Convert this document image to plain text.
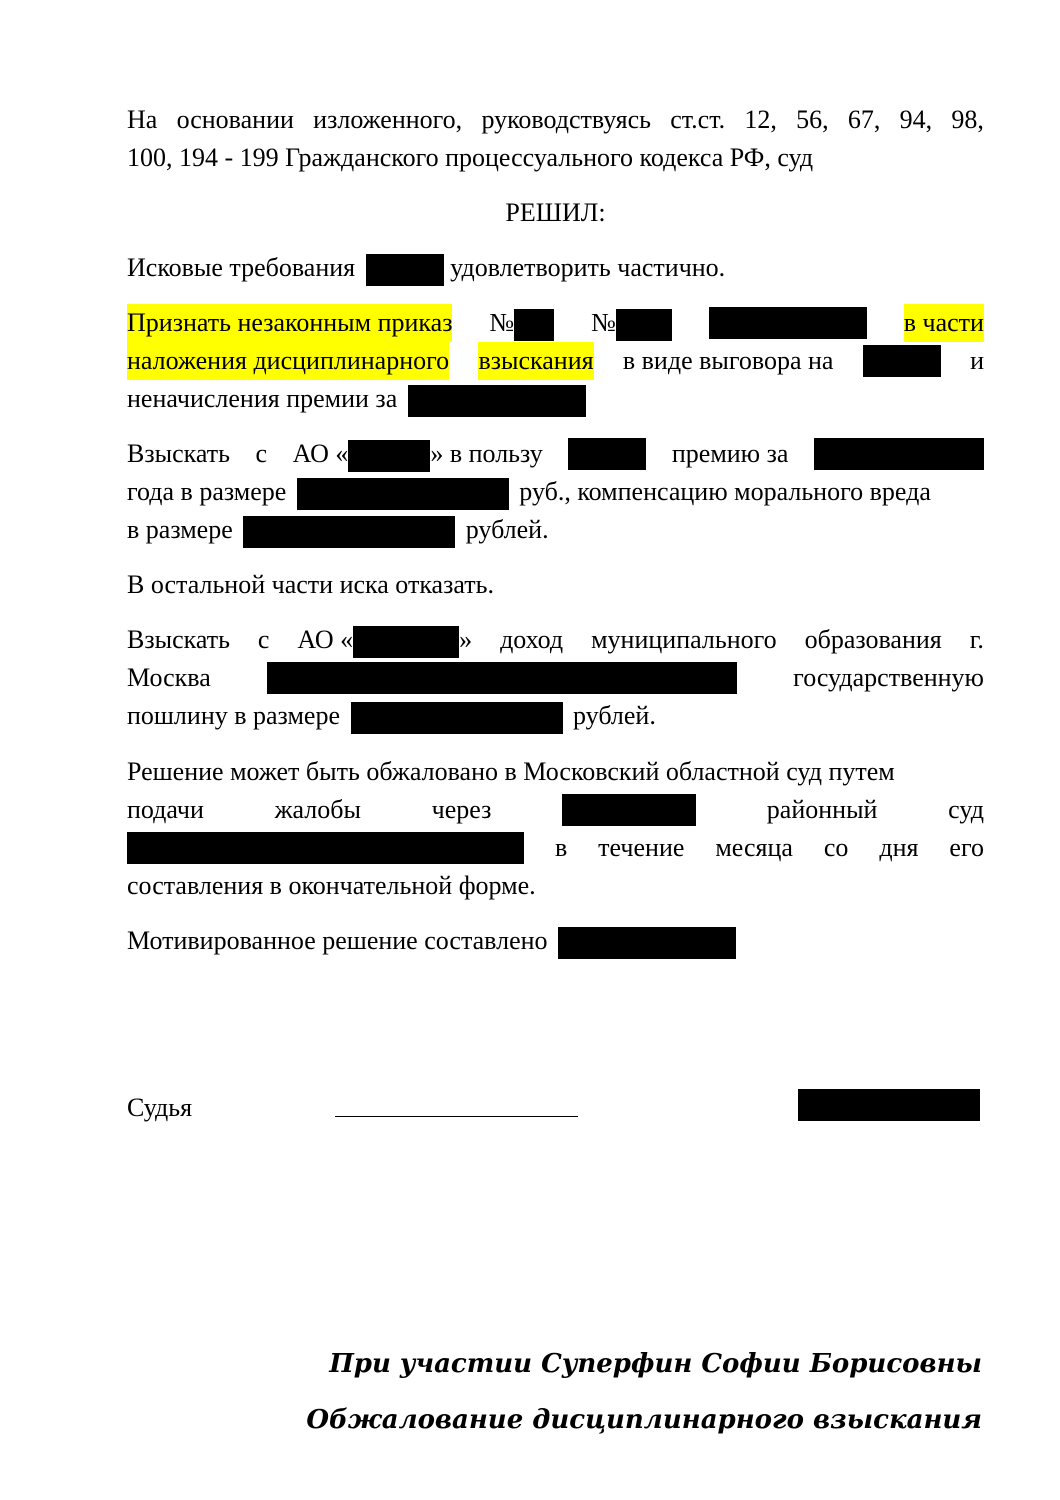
На основании изложенного, руководствуясь ст.ст. 12, 56, 67, 94, 98,
100, 194 - 199 Гражданского процессуального кодекса РФ, суд
РЕШИЛ:
Исковые требования	удовлетворить частично.
Признать незаконным приказ №	№	в части
наложения дисциплинарного взыскания в виде выговора на	и
неначисления премии за
Взыскать с АО «	» в пользу	премию за
года в размере	руб., компенсацию морального вреда
в размере	рублей.
В остальной части иска отказать.
Взыскать с АО «	» доход муниципального образования г.
Москва	государственную
пошлину в размере	рублей.
Решение может быть обжаловано в Московский областной суд путем
подачи	жалобы	через	районный	суд
в течение месяца со дня его
составления в окончательной форме.
Мотивированное решение составлено
Судья
При участии Суперфин Софии Борисовны
Обжалование дисциплинарного взыскания
